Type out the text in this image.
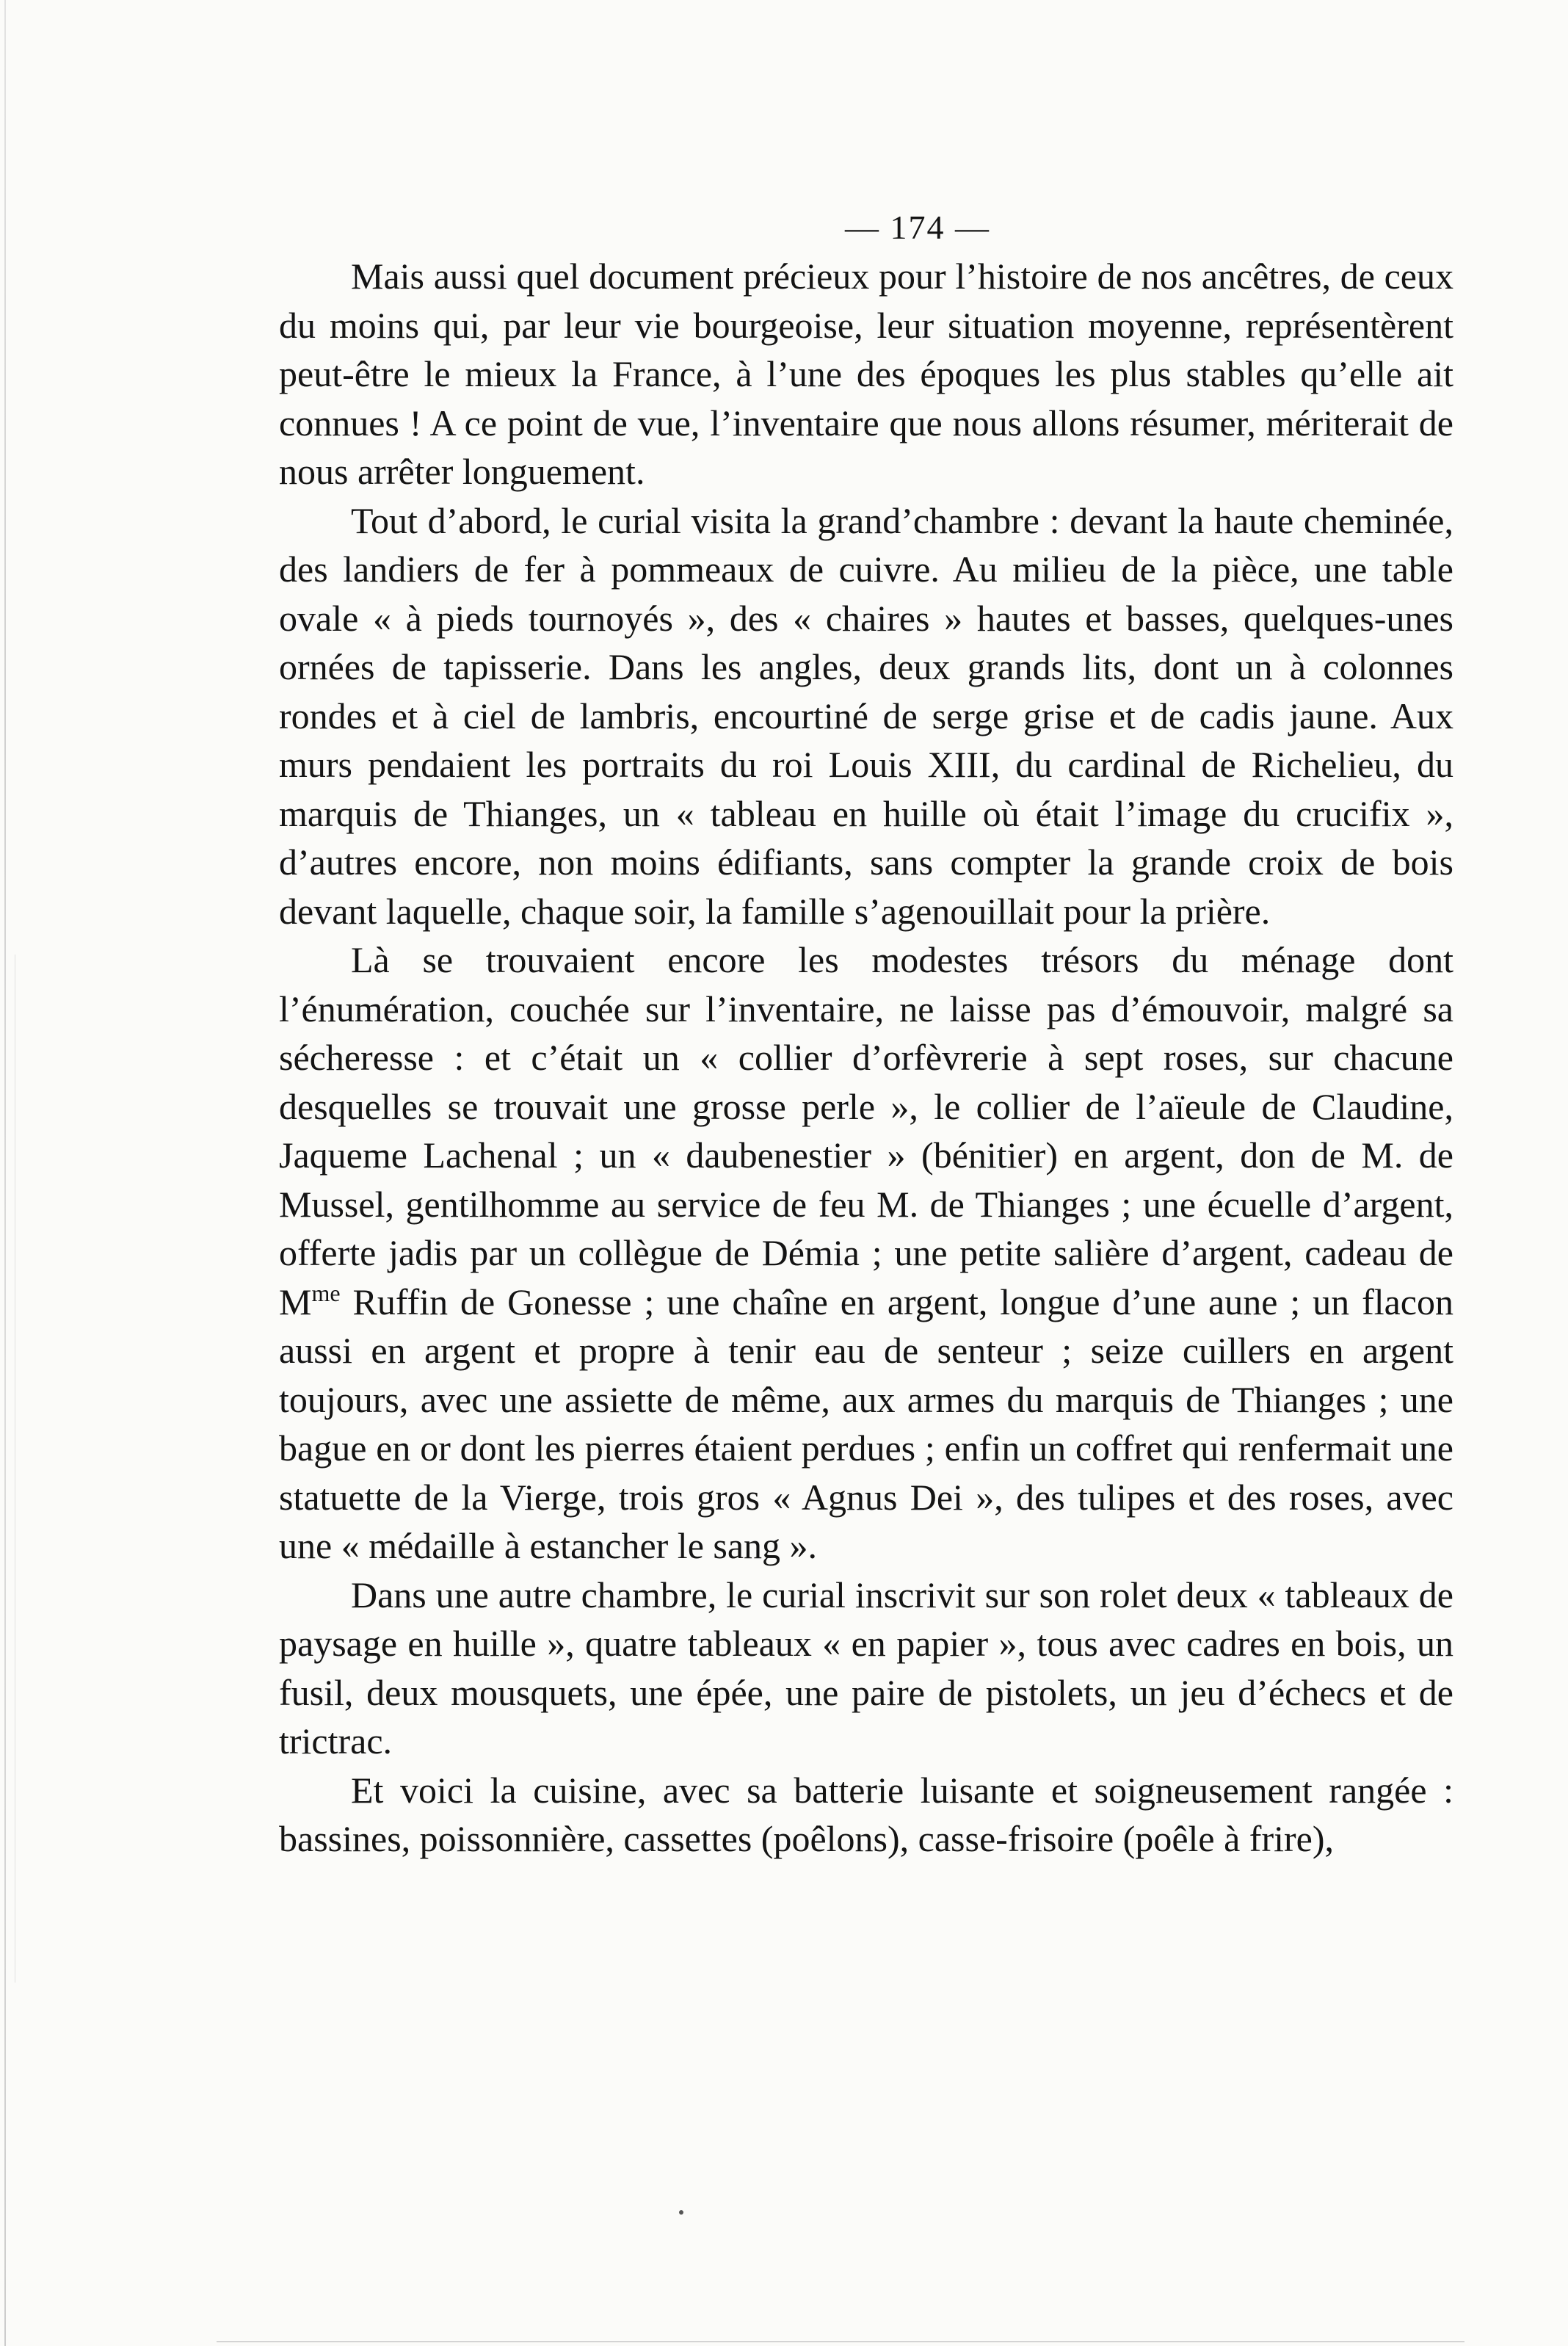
— 174 —

Mais aussi quel document précieux pour l’histoire de nos ancêtres, de ceux du moins qui, par leur vie bourgeoise, leur situation moyenne, représentèrent peut-être le mieux la France, à l’une des époques les plus stables qu’elle ait connues ! A ce point de vue, l’inventaire que nous allons résumer, mériterait de nous arrêter longuement.

Tout d’abord, le curial visita la grand’chambre : devant la haute cheminée, des landiers de fer à pommeaux de cuivre. Au milieu de la pièce, une table ovale « à pieds tournoyés », des « chaires » hautes et basses, quelques-unes ornées de tapisserie. Dans les angles, deux grands lits, dont un à colonnes rondes et à ciel de lambris, encourtiné de serge grise et de cadis jaune. Aux murs pendaient les portraits du roi Louis XIII, du cardinal de Richelieu, du marquis de Thianges, un « tableau en huille où était l’image du crucifix », d’autres encore, non moins édifiants, sans compter la grande croix de bois devant laquelle, chaque soir, la famille s’agenouillait pour la prière.

Là se trouvaient encore les modestes trésors du ménage dont l’énumération, couchée sur l’inventaire, ne laisse pas d’émouvoir, malgré sa sécheresse : et c’était un « collier d’orfèvrerie à sept roses, sur chacune desquelles se trouvait une grosse perle », le collier de l’aïeule de Claudine, Jaqueme Lachenal ; un « daubenestier » (bénitier) en argent, don de M. de Mussel, gentilhomme au service de feu M. de Thianges ; une écuelle d’argent, offerte jadis par un collègue de Démia ; une petite salière d’argent, cadeau de $M^{me}$ Ruffin de Gonesse ; une chaîne en argent, longue d’une aune ; un flacon aussi en argent et propre à tenir eau de senteur ; seize cuillers en argent toujours, avec une assiette de même, aux armes du marquis de Thianges ; une bague en or dont les pierres étaient perdues ; enfin un coffret qui renfermait une statuette de la Vierge, trois gros « Agnus Dei », des tulipes et des roses, avec une « médaille à estancher le sang ».

Dans une autre chambre, le curial inscrivit sur son rolet deux « tableaux de paysage en huille », quatre tableaux « en papier », tous avec cadres en bois, un fusil, deux mousquets, une épée, une paire de pistolets, un jeu d’échecs et de trictrac.

Et voici la cuisine, avec sa batterie luisante et soigneusement rangée : bassines, poissonnière, cassettes (poêlons), casse-frisoire (poêle à frire),
